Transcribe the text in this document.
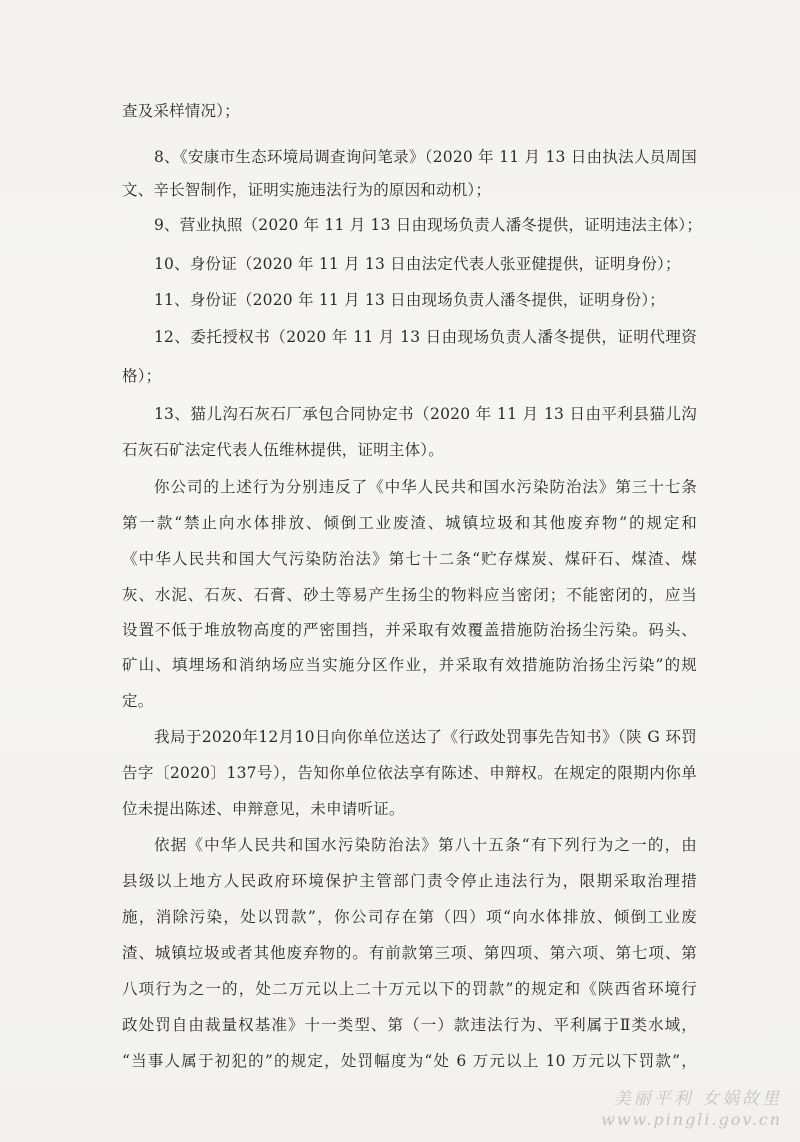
查及采样情况）；
8、《安康市生态环境局调查询问笔录》（2020 年 11 月 13 日由执法人员周国
文、辛长智制作，证明实施违法行为的原因和动机）；
9、营业执照（2020 年 11 月 13 日由现场负责人潘冬提供，证明违法主体）；
10、身份证（2020 年 11 月 13 日由法定代表人张亚健提供，证明身份）；
11、身份证（2020 年 11 月 13 日由现场负责人潘冬提供，证明身份）；
12、委托授权书（2020 年 11 月 13 日由现场负责人潘冬提供，证明代理资
格）；
13、猫儿沟石灰石厂承包合同协定书（2020 年 11 月 13 日由平利县猫儿沟
石灰石矿法定代表人伍维林提供，证明主体）。
你公司的上述行为分别违反了《中华人民共和国水污染防治法》第三十七条
第一款“禁止向水体排放、倾倒工业废渣、城镇垃圾和其他废弃物”的规定和
《中华人民共和国大气污染防治法》第七十二条“贮存煤炭、煤矸石、煤渣、煤
灰、水泥、石灰、石膏、砂土等易产生扬尘的物料应当密闭；不能密闭的，应当
设置不低于堆放物高度的严密围挡，并采取有效覆盖措施防治扬尘污染。码头、
矿山、填埋场和消纳场应当实施分区作业，并采取有效措施防治扬尘污染”的规
定。
我局于2020年12月10日向你单位送达了《行政处罚事先告知书》（陕 G 环罚
告字〔2020〕137号），告知你单位依法享有陈述、申辩权。在规定的限期内你单
位未提出陈述、申辩意见，未申请听证。
依据《中华人民共和国水污染防治法》第八十五条“有下列行为之一的，由
县级以上地方人民政府环境保护主管部门责令停止违法行为，限期采取治理措
施，消除污染，处以罚款”，你公司存在第（四）项“向水体排放、倾倒工业废
渣、城镇垃圾或者其他废弃物的。有前款第三项、第四项、第六项、第七项、第
八项行为之一的，处二万元以上二十万元以下的罚款”的规定和《陕西省环境行
政处罚自由裁量权基准》十一类型、第（一）款违法行为、平利属于Ⅱ类水域，
“当事人属于初犯的”的规定，处罚幅度为“处 6 万元以上 10 万元以下罚款”，
美丽平利 女娲故里
www.pingli.gov.cn
